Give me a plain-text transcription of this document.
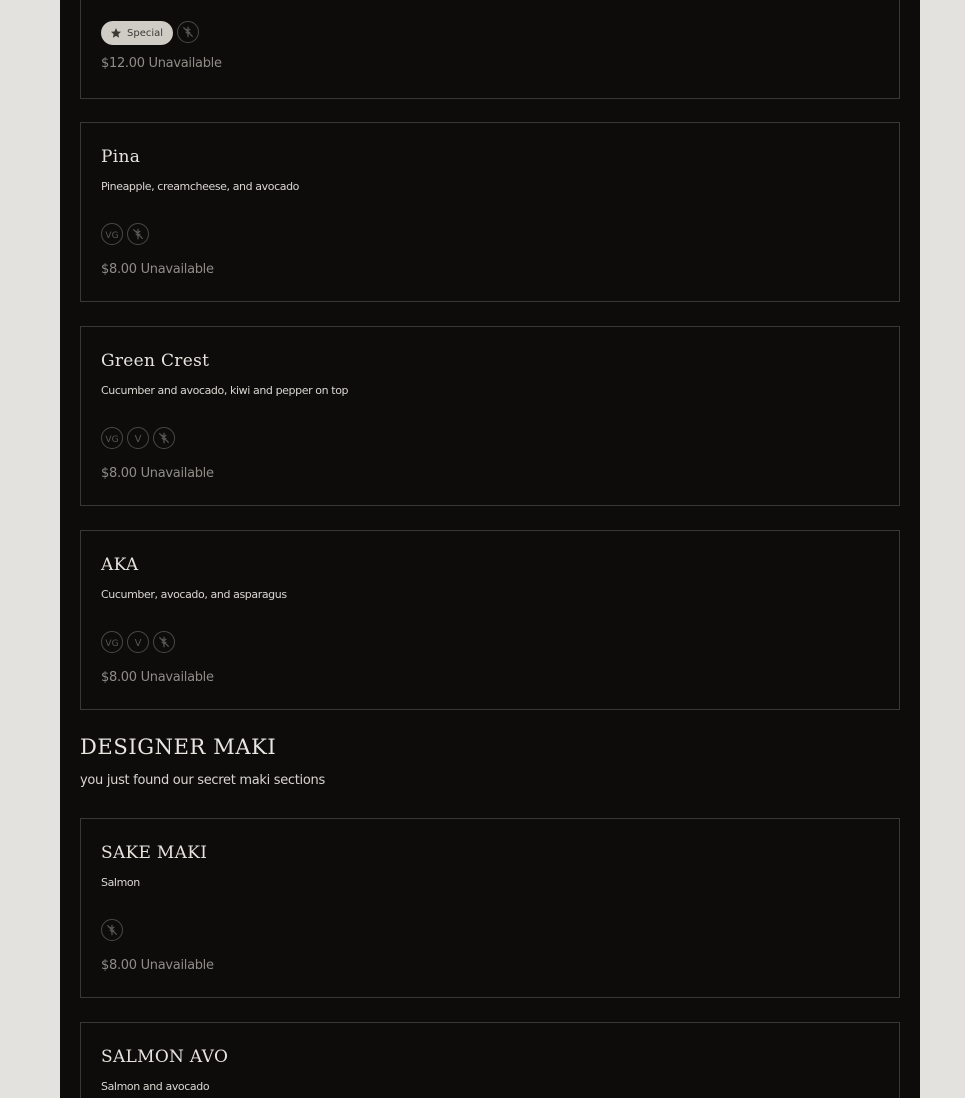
Special
$12.00 Unavailable
Pina
Pineapple, creamcheese, and avocado
VG
$8.00 Unavailable
Green Crest
Cucumber and avocado, kiwi and pepper on top
VG V
$8.00 Unavailable
AKA
Cucumber, avocado, and asparagus
VG V
$8.00 Unavailable
DESIGNER MAKI
you just found our secret maki sections
SAKE MAKI
Salmon
$8.00 Unavailable
SALMON AVO
Salmon and avocado
